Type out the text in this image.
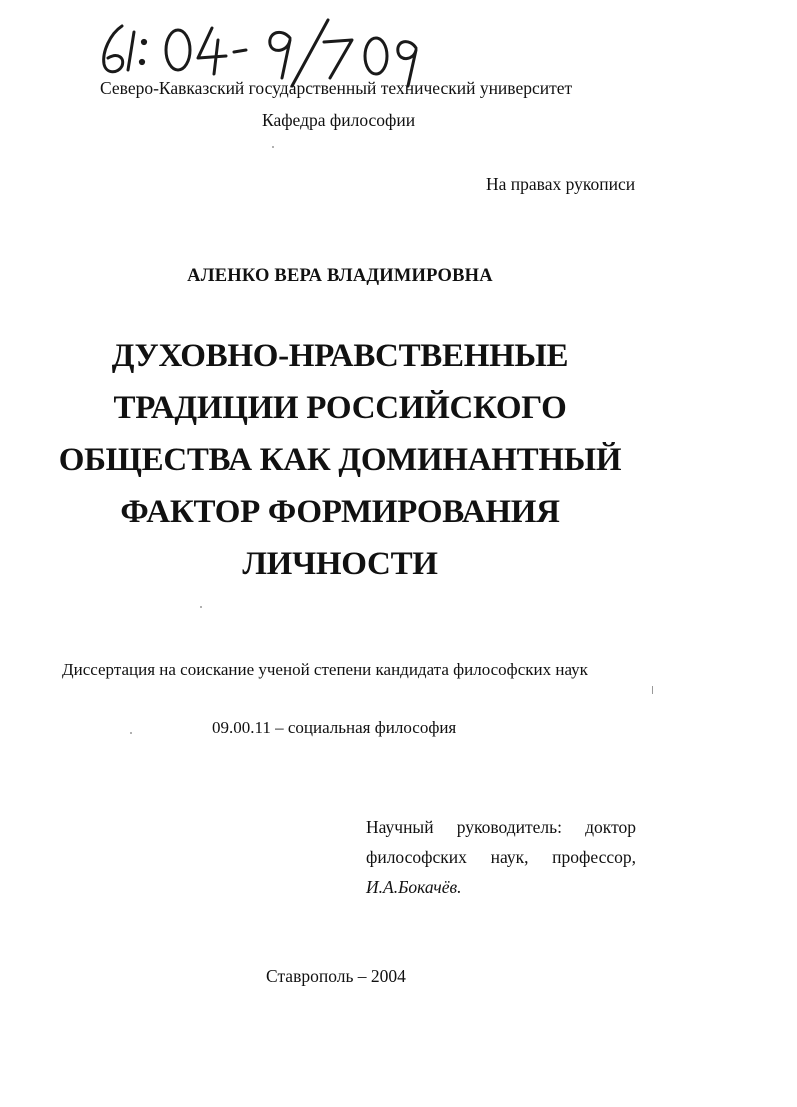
Северо-Кавказский государственный технический университет
Кафедра философии
На правах рукописи
АЛЕНКО ВЕРА ВЛАДИМИРОВНА
ДУХОВНО-НРАВСТВЕННЫЕ
ТРАДИЦИИ РОССИЙСКОГО
ОБЩЕСТВА КАК ДОМИНАНТНЫЙ
ФАКТОР ФОРМИРОВАНИЯ
ЛИЧНОСТИ
Диссертация на соискание ученой степени кандидата философских наук
09.00.11 – социальная философия
Научный руководитель: доктор
философских наук, профессор,
И.А.Бокачёв.
Ставрополь – 2004
